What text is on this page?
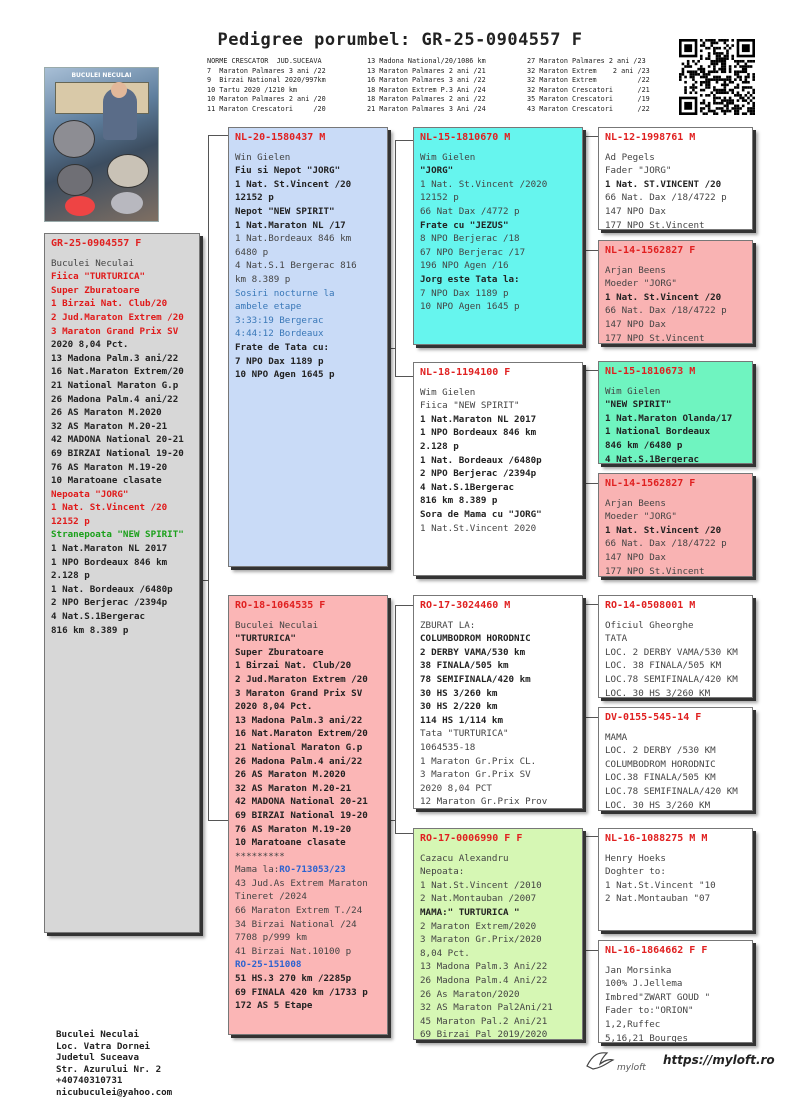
Pedigree porumbel: GR-25-0904557 F
NORME CRESCATOR  JUD.SUCEAVA
7  Maraton Palmares 3 ani /22
9  Birzai National 2020/997km
10 Tartu 2020 /1210 km
10 Maraton Palmares 2 ani /20
11 Maraton Crescatori     /20
13 Madona National/20/1086 km
13 Maraton Palmares 2 ani /21
16 Maraton Palmares 3 ani /22
18 Maraton Extrem P.3 Ani /24
18 Maraton Palmares 2 ani /22
21 Maraton Palmares 3 Ani /24
27 Maraton Palmares 2 ani /23
32 Maraton Extrem    2 ani /23
32 Maraton Extrem          /22
32 Maraton Crescatori      /21
35 Maraton Crescatori      /19
43 Maraton Crescatori      /22
BUCULEI NECULAI
GR-25-0904557 F
Buculei Neculai
Fiica "TURTURICA"
Super Zburatoare
1 Birzai Nat. Club/20
2 Jud.Maraton Extrem /20
3 Maraton Grand Prix SV
2020 8,04 Pct.
13 Madona Palm.3 ani/22
16 Nat.Maraton Extrem/20
21 National Maraton G.p
26 Madona Palm.4 ani/22
26 AS Maraton M.2020
32 AS Maraton M.20-21
42 MADONA National 20-21
69 BIRZAI National 19-20
76 AS Maraton M.19-20
10 Maratoane clasate
Nepoata "JORG"
1 Nat. St.Vincent /20
12152 p
Stranepoata "NEW SPIRIT"
1 Nat.Maraton NL 2017
1 NPO Bordeaux 846 km
2.128 p
1 Nat. Bordeaux /6480p
2 NPO Berjerac /2394p
4 Nat.S.1Bergerac
816 km 8.389 p
NL-20-1580437 M
Win Gielen
Fiu si Nepot "JORG"
1 Nat. St.Vincent /20
12152 p
Nepot "NEW SPIRIT"
1 Nat.Maraton NL /17
1 Nat.Bordeaux 846 km
6480 p
4 Nat.S.1 Bergerac 816
km 8.389 p
Sosiri nocturne la
ambele etape
3:33:19 Bergerac
4:44:12 Bordeaux
Frate de Tata cu:
7 NPO Dax 1189 p
10 NPO Agen 1645 p
RO-18-1064535 F
Buculei Neculai
"TURTURICA"
Super Zburatoare
1 Birzai Nat. Club/20
2 Jud.Maraton Extrem /20
3 Maraton Grand Prix SV
2020 8,04 Pct.
13 Madona Palm.3 ani/22
16 Nat.Maraton Extrem/20
21 National Maraton G.p
26 Madona Palm.4 ani/22
26 AS Maraton M.2020
32 AS Maraton M.20-21
42 MADONA National 20-21
69 BIRZAI National 19-20
76 AS Maraton M.19-20
10 Maratoane clasate
*********
Mama la:RO-713053/23
43 Jud.As Extrem Maraton
Tineret /2024
66 Maraton Extrem T./24
34 Birzai National /24
7708 p/999 km
41 Birzai Nat.10100 p
RO-25-151008
51 HS.3 270 km /2285p
69 FINALA 420 km /1733 p
172 AS 5 Etape
NL-15-1810670 M
Wim Gielen
"JORG"
1 Nat. St.Vincent /2020
12152 p
66 Nat Dax /4772 p
Frate cu "JEZUS"
8 NPO Berjerac /18
67 NPO Berjerac /17
196 NPO Agen /16
Jorg este Tata la:
7 NPO Dax 1189 p
10 NPO Agen 1645 p
NL-18-1194100 F
Wim Gielen
Fiica "NEW SPIRIT"
1 Nat.Maraton NL 2017
1 NPO Bordeaux 846 km
2.128 p
1 Nat. Bordeaux /6480p
2 NPO Berjerac /2394p
4 Nat.S.1Bergerac
816 km 8.389 p
Sora de Mama cu "JORG"
1 Nat.St.Vincent 2020
RO-17-3024460 M
ZBURAT LA:
COLUMBODROM HORODNIC
2 DERBY VAMA/530 km
38 FINALA/505 km
78 SEMIFINALA/420 km
30 HS 3/260 km
30 HS 2/220 km
114 HS 1/114 km
Tata "TURTURICA"
1064535-18
1 Maraton Gr.Prix CL.
3 Maraton Gr.Prix SV
2020 8,04 PCT
12 Maraton Gr.Prix Prov
RO-17-0006990 F F
Cazacu Alexandru
Nepoata:
1 Nat.St.Vincent /2010
2 Nat.Montauban /2007
MAMA:" TURTURICA "
2 Maraton Extrem/2020
3 Maraton Gr.Prix/2020
8,04 Pct.
13 Madona Palm.3 Ani/22
26 Madona Palm.4 Ani/22
26 As Maraton/2020
32 AS Maraton Pal2Ani/21
45 Maraton Pal.2 Ani/21
69 Birzai Pal 2019/2020
NL-12-1998761 M
Ad Pegels
Fader "JORG"
1 Nat. ST.VINCENT /20
66 Nat. Dax /18/4722 p
147 NPO Dax
177 NPO St.Vincent
NL-14-1562827 F
Arjan Beens
Moeder "JORG"
1 Nat. St.Vincent /20
66 Nat. Dax /18/4722 p
147 NPO Dax
177 NPO St.Vincent
NL-15-1810673 M
Wim Gielen
"NEW SPIRIT"
1 Nat.Maraton Olanda/17
1 National Bordeaux
846 km /6480 p
4 Nat.S.1Bergerac
NL-14-1562827 F
Arjan Beens
Moeder "JORG"
1 Nat. St.Vincent /20
66 Nat. Dax /18/4722 p
147 NPO Dax
177 NPO St.Vincent
RO-14-0508001 M
Oficiul Gheorghe
TATA
LOC. 2 DERBY VAMA/530 KM
LOC. 38 FINALA/505 KM
LOC.78 SEMIFINALA/420 KM
LOC. 30 HS 3/260 KM
DV-0155-545-14 F
MAMA
LOC. 2 DERBY /530 KM
COLUMBODROM HORODNIC
LOC.38 FINALA/505 KM
LOC.78 SEMIFINALA/420 KM
LOC. 30 HS 3/260 KM
NL-16-1088275 M M
Henry Hoeks
Doghter to:
1 Nat.St.Vincent "10
2 Nat.Montauban "07
NL-16-1864662 F F
Jan Morsinka
100% J.Jellema
Imbred"ZWART GOUD "
Fader to:"ORION"
1,2,Ruffec
5,16,21 Bourges
Buculei Neculai
Loc. Vatra Dornei
Judetul Suceava
Str. Azurului Nr. 2
+40740310731
nicubuculei@yahoo.com
myloft
https://myloft.ro
